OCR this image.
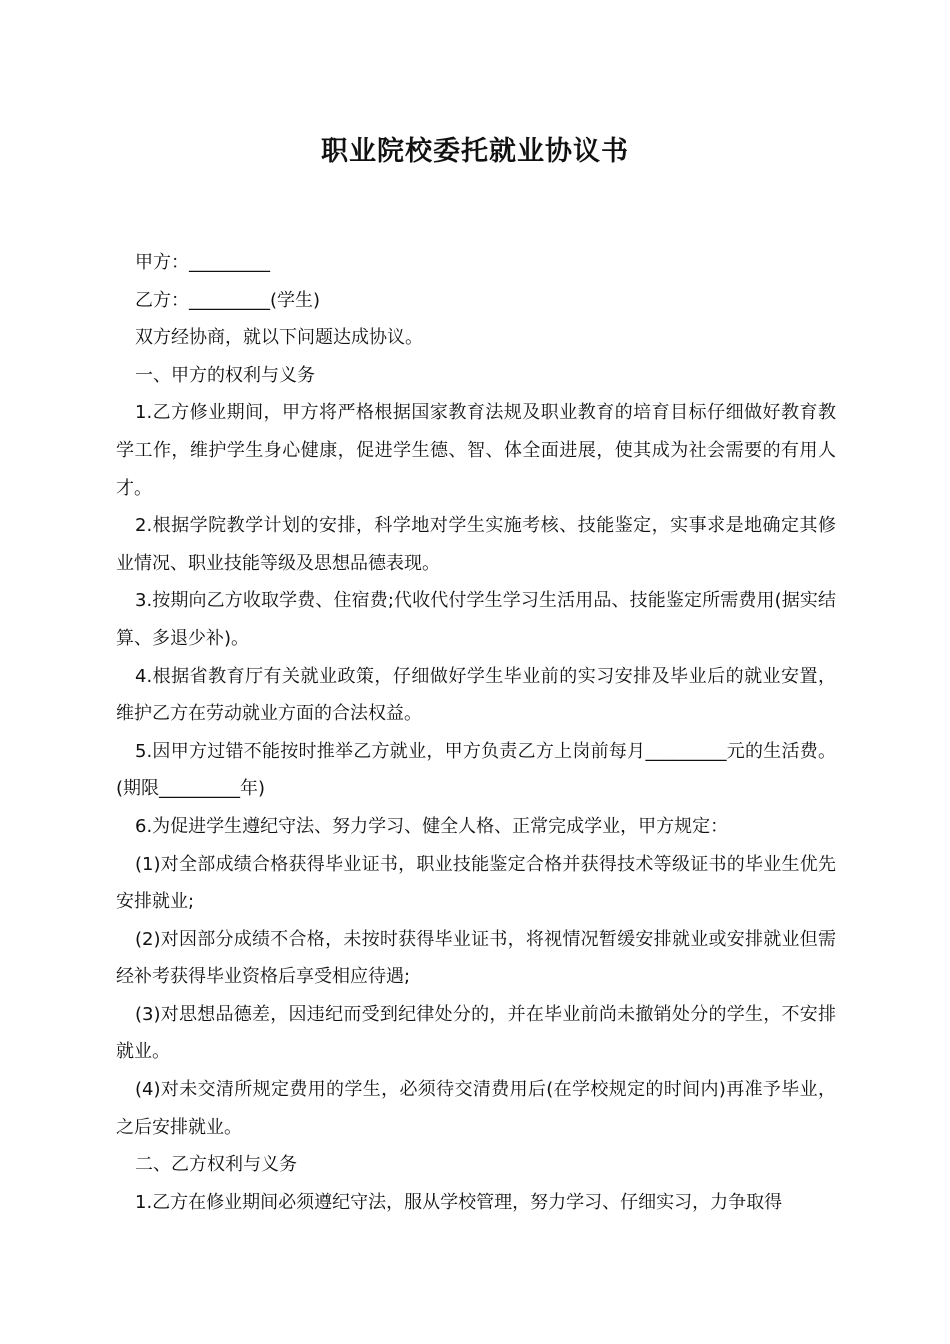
职业院校委托就业协议书

甲方：_________

乙方：_________(学生)

双方经协商，就以下问题达成协议。

一、甲方的权利与义务

1.乙方修业期间，甲方将严格根据国家教育法规及职业教育的培育目标仔细做好教育教学工作，维护学生身心健康，促进学生德、智、体全面进展，使其成为社会需要的有用人才。

2.根据学院教学计划的安排，科学地对学生实施考核、技能鉴定，实事求是地确定其修业情况、职业技能等级及思想品德表现。

3.按期向乙方收取学费、住宿费;代收代付学生学习生活用品、技能鉴定所需费用(据实结算、多退少补)。

4.根据省教育厅有关就业政策，仔细做好学生毕业前的实习安排及毕业后的就业安置，维护乙方在劳动就业方面的合法权益。

5.因甲方过错不能按时推举乙方就业，甲方负责乙方上岗前每月_________元的生活费。(期限_________年)

6.为促进学生遵纪守法、努力学习、健全人格、正常完成学业，甲方规定：

(1)对全部成绩合格获得毕业证书，职业技能鉴定合格并获得技术等级证书的毕业生优先安排就业;

(2)对因部分成绩不合格，未按时获得毕业证书，将视情况暂缓安排就业或安排就业但需经补考获得毕业资格后享受相应待遇;

(3)对思想品德差，因违纪而受到纪律处分的，并在毕业前尚未撤销处分的学生，不安排就业。

(4)对未交清所规定费用的学生，必须待交清费用后(在学校规定的时间内)再准予毕业，之后安排就业。

二、乙方权利与义务

1.乙方在修业期间必须遵纪守法，服从学校管理，努力学习、仔细实习，力争取得
